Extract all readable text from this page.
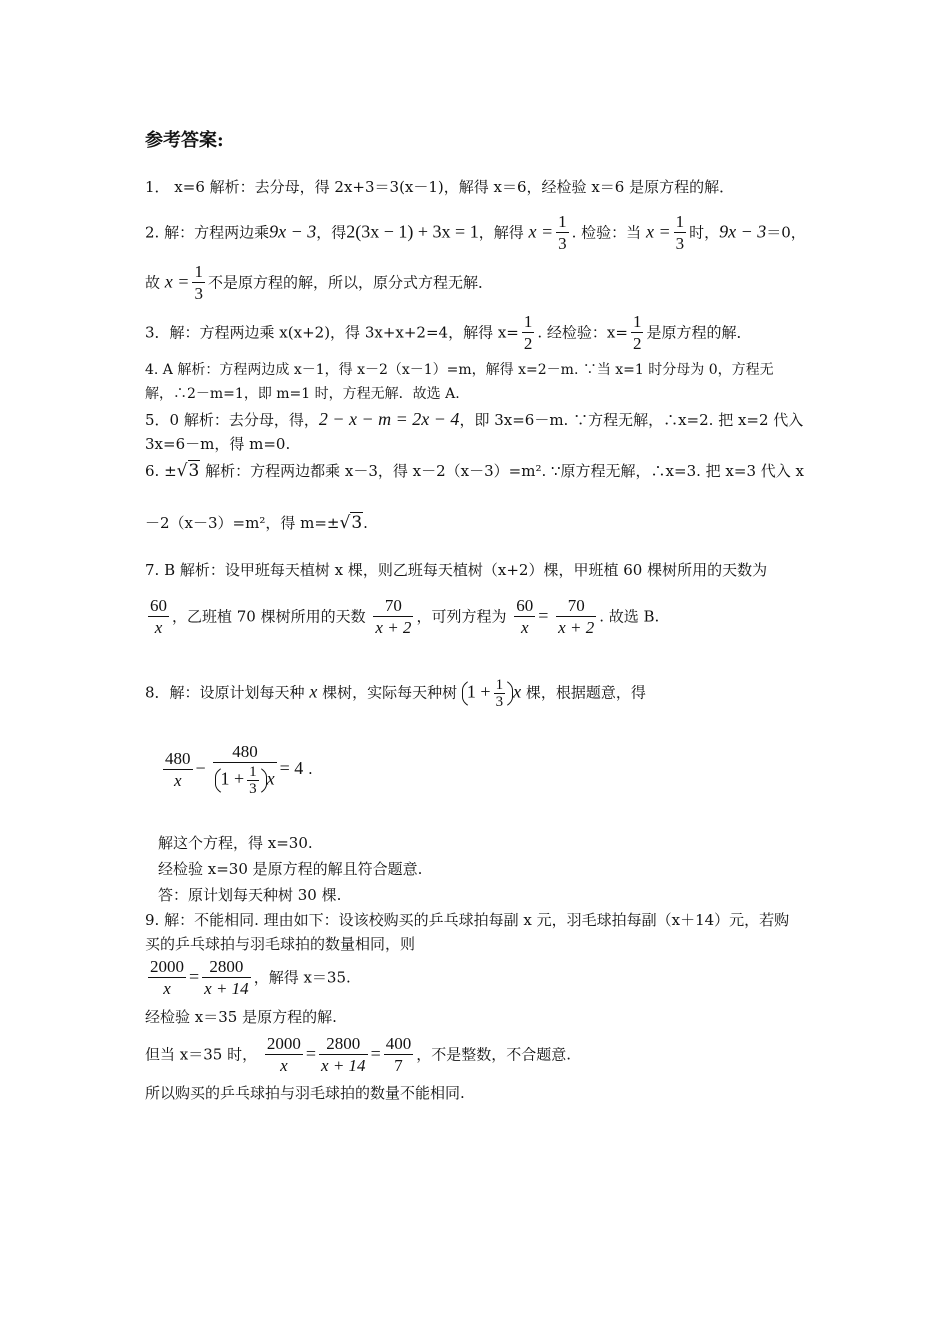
参考答案:
1． x=6 解析：去分母，得 2x+3＝3(x－1)，解得 x＝6，经检验 x＝6 是原方程的解．
2. 解：方程两边乘9x − 3，得2(3x − 1) + 3x = 1，解得 $x = \frac{1}{3}$ . 检验：当 $x = \frac{1}{3}$ 时，9x − 3＝0，
故 $x = \frac{1}{3}$ 不是原方程的解，所以，原分式方程无解．
3．解：方程两边乘 x(x+2)，得 3x+x+2=4，解得 $x= \frac{1}{2}$ . 经检验：$x= \frac{1}{2}$ 是原方程的解．
4. A 解析：方程两边成 x－1，得 x－2（x－1）=m，解得 x=2－m. ∵当 x=1 时分母为 0，方程无
解，∴2－m=1，即 m=1 时，方程无解．故选 A.
5．0 解析：去分母，得，2 − x − m = 2x − 4，即 3x=6－m. ∵方程无解，∴x=2. 把 x=2 代入
3x=6－m，得 m=0.
6. ±√3 解析：方程两边都乘 x－3，得 x－2（x－3）=m². ∵原方程无解，∴x=3. 把 x=3 代入 x
－2（x－3）=m²，得 m=±√3.
7. B 解析：设甲班每天植树 x 棵，则乙班每天植树（x+2）棵，甲班植 60 棵树所用的天数为
$\frac{60}{x}$ ，乙班植 70 棵树所用的天数 $\frac{70}{x + 2}$ ，可列方程为 $\frac{60}{x} = \frac{70}{x + 2}$ . 故选 B.
8．解：设原计划每天种 x 棵树，实际每天种树 $1 + \frac{1}{3}$ x 棵，根据题意，得
$\frac{480}{x} - \frac{480}{1 + \frac{1}{3} x} = 4$ .
解这个方程，得 x=30.
经检验 x=30 是原方程的解且符合题意.
答：原计划每天种树 30 棵.
9. 解：不能相同. 理由如下：设该校购买的乒乓球拍每副 x 元，羽毛球拍每副（x＋14）元，若购
买的乒乓球拍与羽毛球拍的数量相同，则
$\frac{2000}{x} = \frac{2800}{x + 14}$ ，解得 x＝35.
经检验 x＝35 是原方程的解.
但当 x＝35 时， $\frac{2000}{x} = \frac{2800}{x + 14} = \frac{400}{7}$ ，不是整数，不合题意.
所以购买的乒乓球拍与羽毛球拍的数量不能相同.
